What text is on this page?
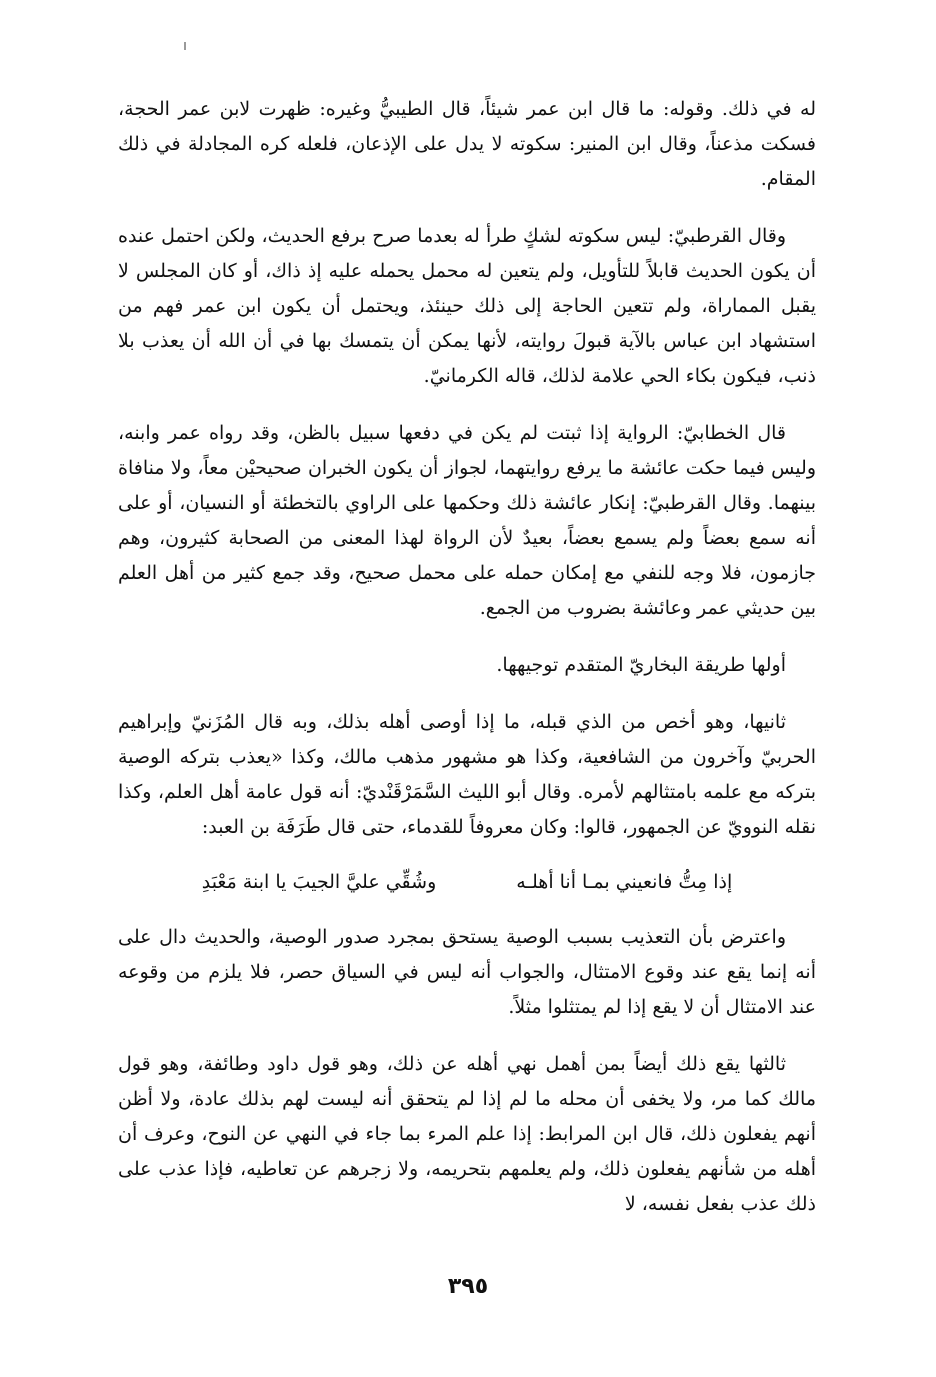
له في ذلك. وقوله: ما قال ابن عمر شيئاً، قال الطيبيُّ وغيره: ظهرت لابن عمر الحجة، فسكت مذعناً، وقال ابن المنير: سكوته لا يدل على الإذعان، فلعله كره المجادلة في ذلك المقام.

وقال القرطبيّ: ليس سكوته لشكٍ طرأ له بعدما صرح برفع الحديث، ولكن احتمل عنده أن يكون الحديث قابلاً للتأويل، ولم يتعين له محمل يحمله عليه إذ ذاك، أو كان المجلس لا يقبل المماراة، ولم تتعين الحاجة إلى ذلك حينئذ، ويحتمل أن يكون ابن عمر فهم من استشهاد ابن عباس بالآية قبولَ روايته، لأنها يمكن أن يتمسك بها في أن الله أن يعذب بلا ذنب، فيكون بكاء الحي علامة لذلك، قاله الكرمانيّ.

قال الخطابيّ: الرواية إذا ثبتت لم يكن في دفعها سبيل بالظن، وقد رواه عمر وابنه، وليس فيما حكت عائشة ما يرفع روايتهما، لجواز أن يكون الخبران صحيحيْن معاً، ولا منافاة بينهما. وقال القرطبيّ: إنكار عائشة ذلك وحكمها على الراوي بالتخطئة أو النسيان، أو على أنه سمع بعضاً ولم يسمع بعضاً، بعيدٌ لأن الرواة لهذا المعنى من الصحابة كثيرون، وهم جازمون، فلا وجه للنفي مع إمكان حمله على محمل صحيح، وقد جمع كثير من أهل العلم بين حديثي عمر وعائشة بضروب من الجمع.

أولها طريقة البخاريّ المتقدم توجيهها.

ثانيها، وهو أخص من الذي قبله، ما إذا أوصى أهله بذلك، وبه قال المُزَنيّ وإبراهيم الحربيّ وآخرون من الشافعية، وكذا هو مشهور مذهب مالك، وكذا «يعذب بتركه الوصية بتركه مع علمه بامتثالهم لأمره. وقال أبو الليث السَّمَرْقَنْديّ: أنه قول عامة أهل العلم، وكذا نقله النوويّ عن الجمهور، قالوا: وكان معروفاً للقدماء، حتى قال طَرَفَة بن العبد:

إذا مِتُّ فانعيني بمـا أنا أهلـه
وشُقِّي عليَّ الجيبَ يا ابنة مَعْبَدِ

واعترض بأن التعذيب بسبب الوصية يستحق بمجرد صدور الوصية، والحديث دال على أنه إنما يقع عند وقوع الامتثال، والجواب أنه ليس في السياق حصر، فلا يلزم من وقوعه عند الامتثال أن لا يقع إذا لم يمتثلوا مثلاً.

ثالثها يقع ذلك أيضاً بمن أهمل نهي أهله عن ذلك، وهو قول داود وطائفة، وهو قول مالك كما مر، ولا يخفى أن محله ما لم إذا لم يتحقق أنه ليست لهم بذلك عادة، ولا أظن أنهم يفعلون ذلك، قال ابن المرابط: إذا علم المرء بما جاء في النهي عن النوح، وعرف أن أهله من شأنهم يفعلون ذلك، ولم يعلمهم بتحريمه، ولا زجرهم عن تعاطيه، فإذا عذب على ذلك عذب بفعل نفسه، لا

٣٩٥
